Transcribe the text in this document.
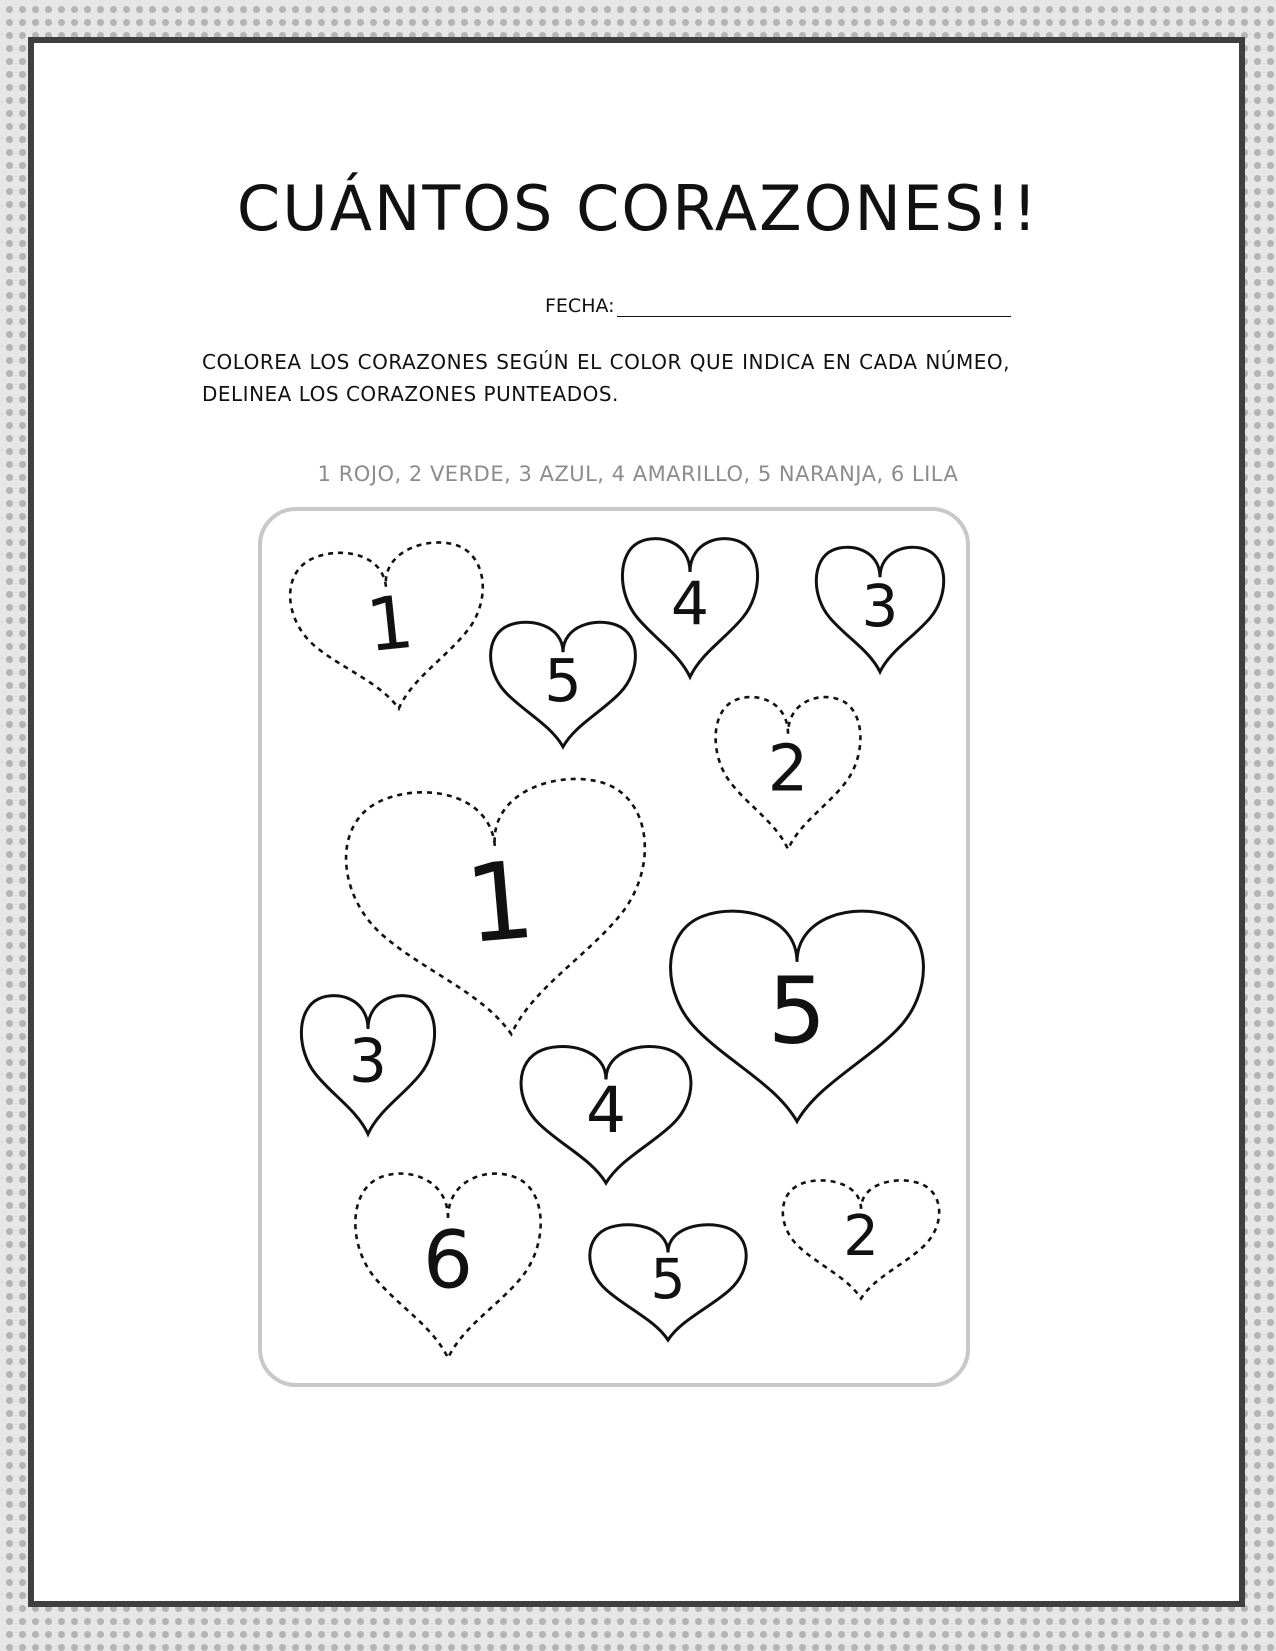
CUÁNTOS CORAZONES!!
FECHA:

COLOREA LOS CORAZONES SEGÚN EL COLOR QUE INDICA EN CADA NÚMEO, DELINEA LOS CORAZONES PUNTEADOS.

1 ROJO, 2 VERDE, 3 AZUL, 4 AMARILLO, 5 NARANJA, 6 LILA
1
5
4	3
2
1
5
3
4
6	5
2
